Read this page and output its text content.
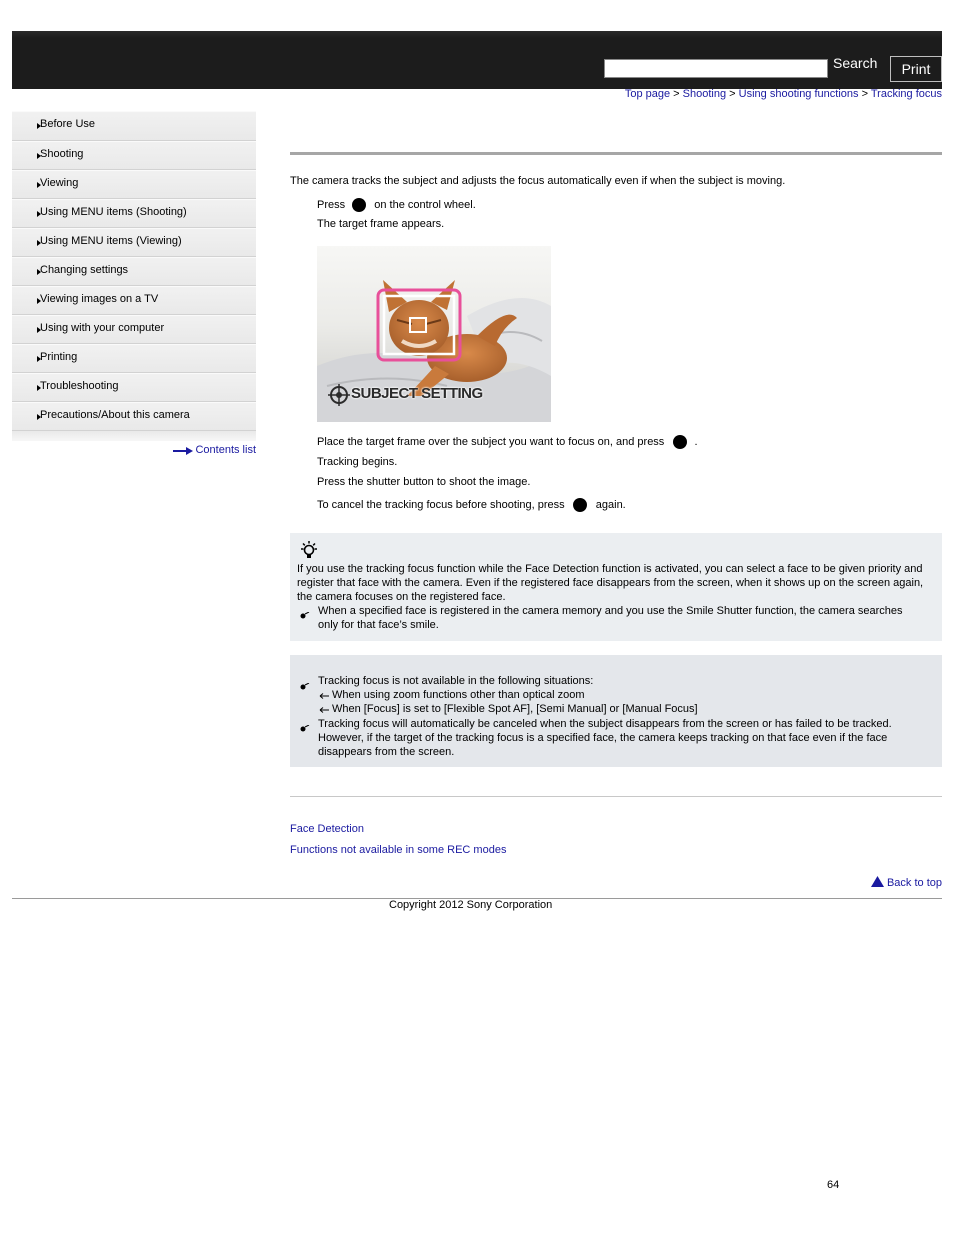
Search	Print
Top page > Shooting > Using shooting functions > Tracking focus
Before Use
Shooting
Viewing
Using MENU items (Shooting)
Using MENU items (Viewing)
Changing settings
Viewing images on a TV
Using with your computer
Printing
Troubleshooting
Precautions/About this camera
Contents list
The camera tracks the subject and adjusts the focus automatically even if when the subject is moving.
Press	on the control wheel.
The target frame appears.
SUBJECT SETTING
Place the target frame over the subject you want to focus on, and press	.
Tracking begins.
Press the shutter button to shoot the image.
To cancel the tracking focus before shooting, press	again.
If you use the tracking focus function while the Face Detection function is activated, you can select a face to be given priority and register that face with the camera. Even if the registered face disappears from the screen, when it shows up on the screen again, the camera focuses on the registered face.
When a specified face is registered in the camera memory and you use the Smile Shutter function, the camera searches only for that face’s smile.
Tracking focus is not available in the following situations:
When using zoom functions other than optical zoom
When [Focus] is set to [Flexible Spot AF], [Semi Manual] or [Manual Focus]
Tracking focus will automatically be canceled when the subject disappears from the screen or has failed to be tracked. However, if the target of the tracking focus is a specified face, the camera keeps tracking on that face even if the face disappears from the screen.
Face Detection
Functions not available in some REC modes
Back to top
Copyright 2012 Sony Corporation
64
